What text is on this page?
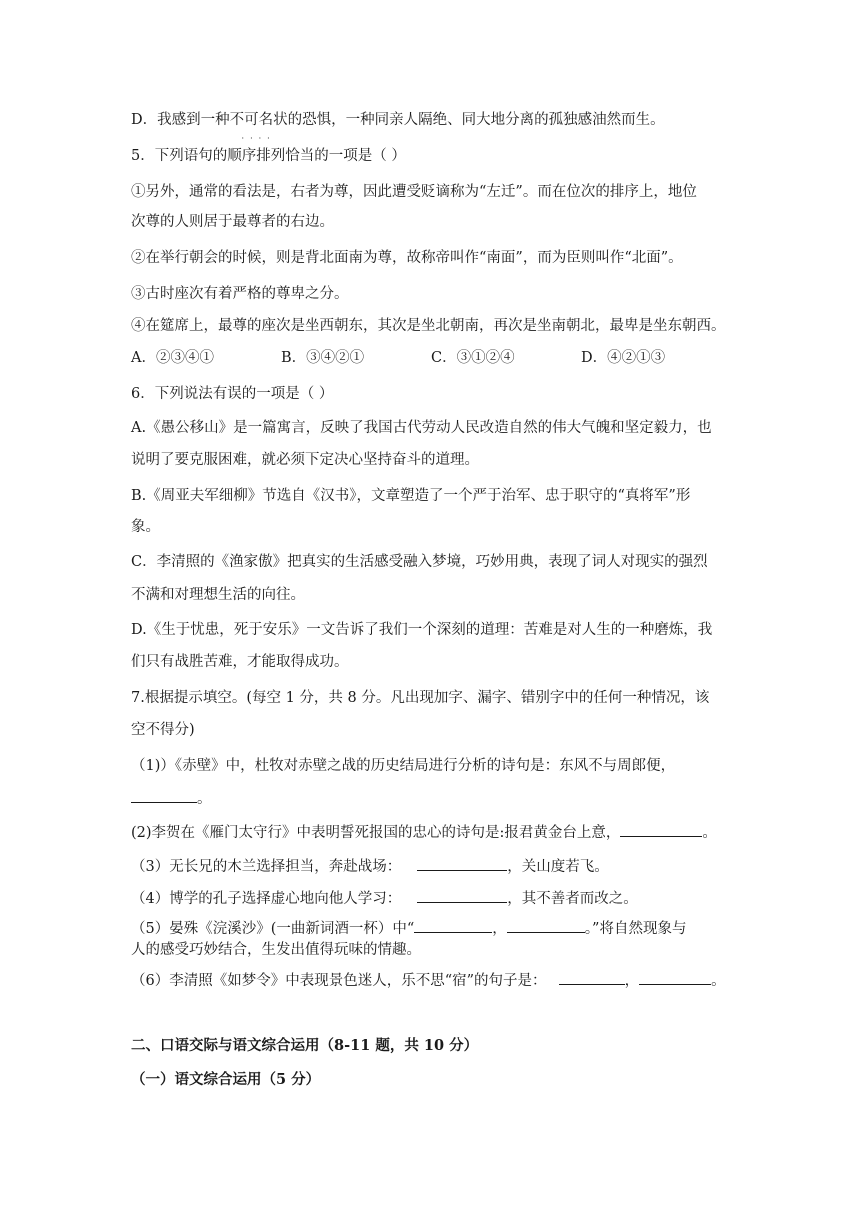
D．我感到一种不可名状
····
的恐惧，一种同亲人隔绝、同大地分离的孤独感油然而生。
5．下列语句的顺序排列恰当的一项是（ ）
①另外，通常的看法是，右者为尊，因此遭受贬谪称为“左迁”。而在位次的排序上，地位
次尊的人则居于最尊者的右边。
②在举行朝会的时候，则是背北面南为尊，故称帝叫作“南面”，而为臣则叫作“北面”。
③古时座次有着严格的尊卑之分。
④在筵席上，最尊的座次是坐西朝东，其次是坐北朝南，再次是坐南朝北，最卑是坐东朝西。
A．②③④①	B．③④②①	C．③①②④	D．④②①③
6．下列说法有误的一项是（ ）
A.《愚公移山》是一篇寓言，反映了我国古代劳动人民改造自然的伟大气魄和坚定毅力，也
说明了要克服困难，就必须下定决心坚持奋斗的道理。
B.《周亚夫军细柳》节选自《汉书》，文章塑造了一个严于治军、忠于职守的“真将军”形
象。
C．李清照的《渔家傲》把真实的生活感受融入梦境，巧妙用典，表现了词人对现实的强烈
不满和对理想生活的向往。
D.《生于忧患，死于安乐》一文告诉了我们一个深刻的道理：苦难是对人生的一种磨炼，我
们只有战胜苦难，才能取得成功。
7.根据提示填空。(每空 1 分，共 8 分。凡出现加字、漏字、错别字中的任何一种情况，该
空不得分)
（1)）《赤壁》中，杜牧对赤壁之战的历史结局进行分析的诗句是：东风不与周郎便，
。
(2)李贺在《雁门太守行》中表明誓死报国的忠心的诗句是:报君黄金台上意，	。
（3）无长兄的木兰选择担当，奔赴战场：	，关山度若飞。
（4）博学的孔子选择虚心地向他人学习：	，其不善者而改之。
（5）晏殊《浣溪沙》(一曲新词酒一杯）中“	，	。”将自然现象与
人的感受巧妙结合，生发出值得玩味的情趣。
（6）李清照《如梦令》中表现景色迷人，乐不思“宿”的句子是：	，	。
二、口语交际与语文综合运用（8-11 题，共 10 分）
（一）语文综合运用（5 分）
